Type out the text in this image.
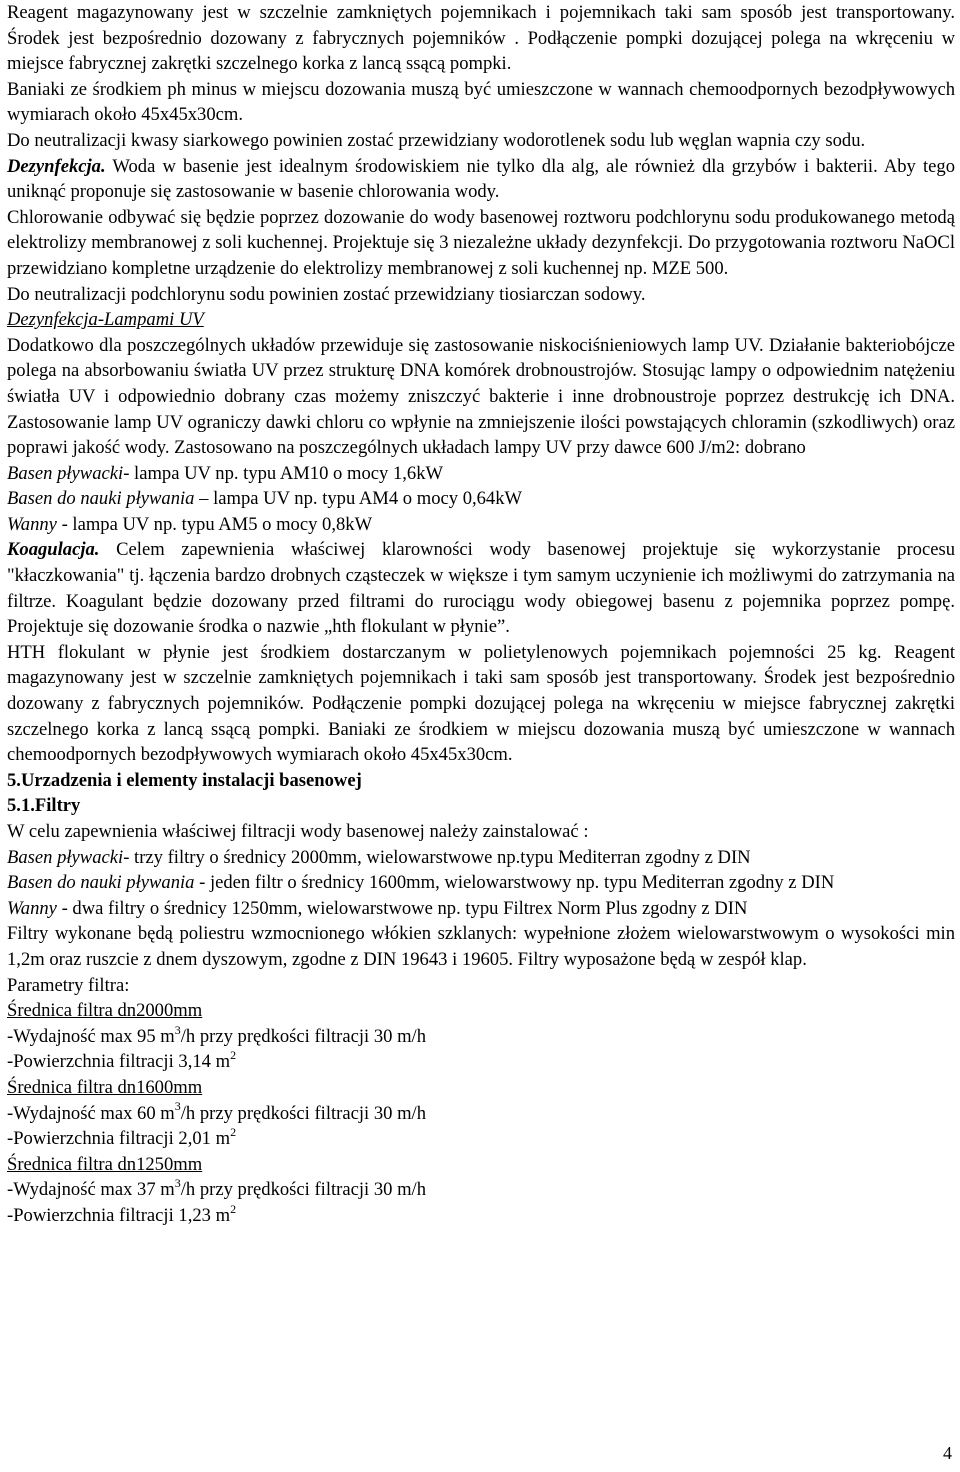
Reagent magazynowany jest w szczelnie zamkniętych pojemnikach i pojemnikach taki sam sposób jest transportowany. Środek jest bezpośrednio dozowany z fabrycznych pojemników . Podłączenie pompki dozującej polega na wkręceniu w miejsce fabrycznej zakrętki szczelnego korka z lancą ssącą pompki.

Baniaki ze środkiem ph minus w miejscu dozowania muszą być umieszczone w wannach chemoodpornych bezodpływowych wymiarach około 45x45x30cm.

Do neutralizacji kwasy siarkowego powinien zostać przewidziany wodorotlenek sodu lub węglan wapnia czy sodu.

Dezynfekcja. Woda w basenie jest idealnym środowiskiem nie tylko dla alg, ale również dla grzybów i bakterii. Aby tego uniknąć proponuje się zastosowanie w basenie chlorowania wody.

Chlorowanie odbywać się będzie poprzez dozowanie do wody basenowej roztworu podchlorynu sodu produkowanego metodą elektrolizy membranowej z soli kuchennej. Projektuje się 3 niezależne układy dezynfekcji. Do przygotowania roztworu NaOCl przewidziano kompletne urządzenie do elektrolizy membranowej z soli kuchennej np. MZE 500.

Do neutralizacji podchlorynu sodu powinien zostać przewidziany tiosiarczan sodowy.

Dezynfekcja-Lampami UV

Dodatkowo dla poszczególnych układów przewiduje się zastosowanie niskociśnieniowych lamp UV. Działanie bakteriobójcze polega na absorbowaniu światła UV przez strukturę DNA komórek drobnoustrojów. Stosując lampy o odpowiednim natężeniu światła UV i odpowiednio dobrany czas możemy zniszczyć bakterie i inne drobnoustroje poprzez destrukcję ich DNA. Zastosowanie lamp UV ograniczy dawki chloru co wpłynie na zmniejszenie ilości powstających chloramin (szkodliwych) oraz poprawi jakość wody. Zastosowano na poszczególnych układach lampy UV przy dawce 600 J/m2: dobrano

Basen pływacki- lampa UV np. typu AM10 o mocy 1,6kW

Basen do nauki pływania – lampa UV np. typu AM4 o mocy 0,64kW

Wanny - lampa UV np. typu AM5 o mocy 0,8kW

Koagulacja. Celem zapewnienia właściwej klarowności wody basenowej projektuje się wykorzystanie procesu "kłaczkowania" tj. łączenia bardzo drobnych cząsteczek w większe i tym samym uczynienie ich możliwymi do zatrzymania na filtrze. Koagulant będzie dozowany przed filtrami do rurociągu wody obiegowej basenu z pojemnika poprzez pompę. Projektuje się dozowanie środka o nazwie „hth flokulant w płynie”.

HTH flokulant w płynie jest środkiem dostarczanym w polietylenowych pojemnikach pojemności 25 kg. Reagent magazynowany jest w szczelnie zamkniętych pojemnikach i taki sam sposób jest transportowany. Środek jest bezpośrednio dozowany z fabrycznych pojemników. Podłączenie pompki dozującej polega na wkręceniu w miejsce fabrycznej zakrętki szczelnego korka z lancą ssącą pompki. Baniaki ze środkiem w miejscu dozowania muszą być umieszczone w wannach chemoodpornych bezodpływowych wymiarach około 45x45x30cm.

5.Urzadzenia i elementy instalacji basenowej

5.1.Filtry

W celu zapewnienia właściwej filtracji wody basenowej należy zainstalować :

Basen pływacki- trzy filtry o średnicy 2000mm, wielowarstwowe np.typu Mediterran zgodny z DIN

Basen do nauki pływania - jeden filtr o średnicy 1600mm, wielowarstwowy np. typu Mediterran zgodny z DIN

Wanny - dwa filtry o średnicy 1250mm, wielowarstwowe np. typu Filtrex Norm Plus zgodny z DIN

Filtry wykonane będą poliestru wzmocnionego włókien szklanych: wypełnione złożem wielowarstwowym o wysokości min 1,2m oraz ruszcie z dnem dyszowym, zgodne z DIN 19643 i 19605. Filtry wyposażone będą w zespół klap.

Parametry filtra:

Średnica filtra dn2000mm

-Wydajność max 95 $m^3/h$ przy prędkości filtracji 30 m/h

-Powierzchnia filtracji 3,14 $m^2$

Średnica filtra dn1600mm

-Wydajność max 60 $m^3/h$ przy prędkości filtracji 30 m/h

-Powierzchnia filtracji 2,01 $m^2$

Średnica filtra dn1250mm

-Wydajność max 37 $m^3/h$ przy prędkości filtracji 30 m/h

-Powierzchnia filtracji 1,23 $m^2$

4
